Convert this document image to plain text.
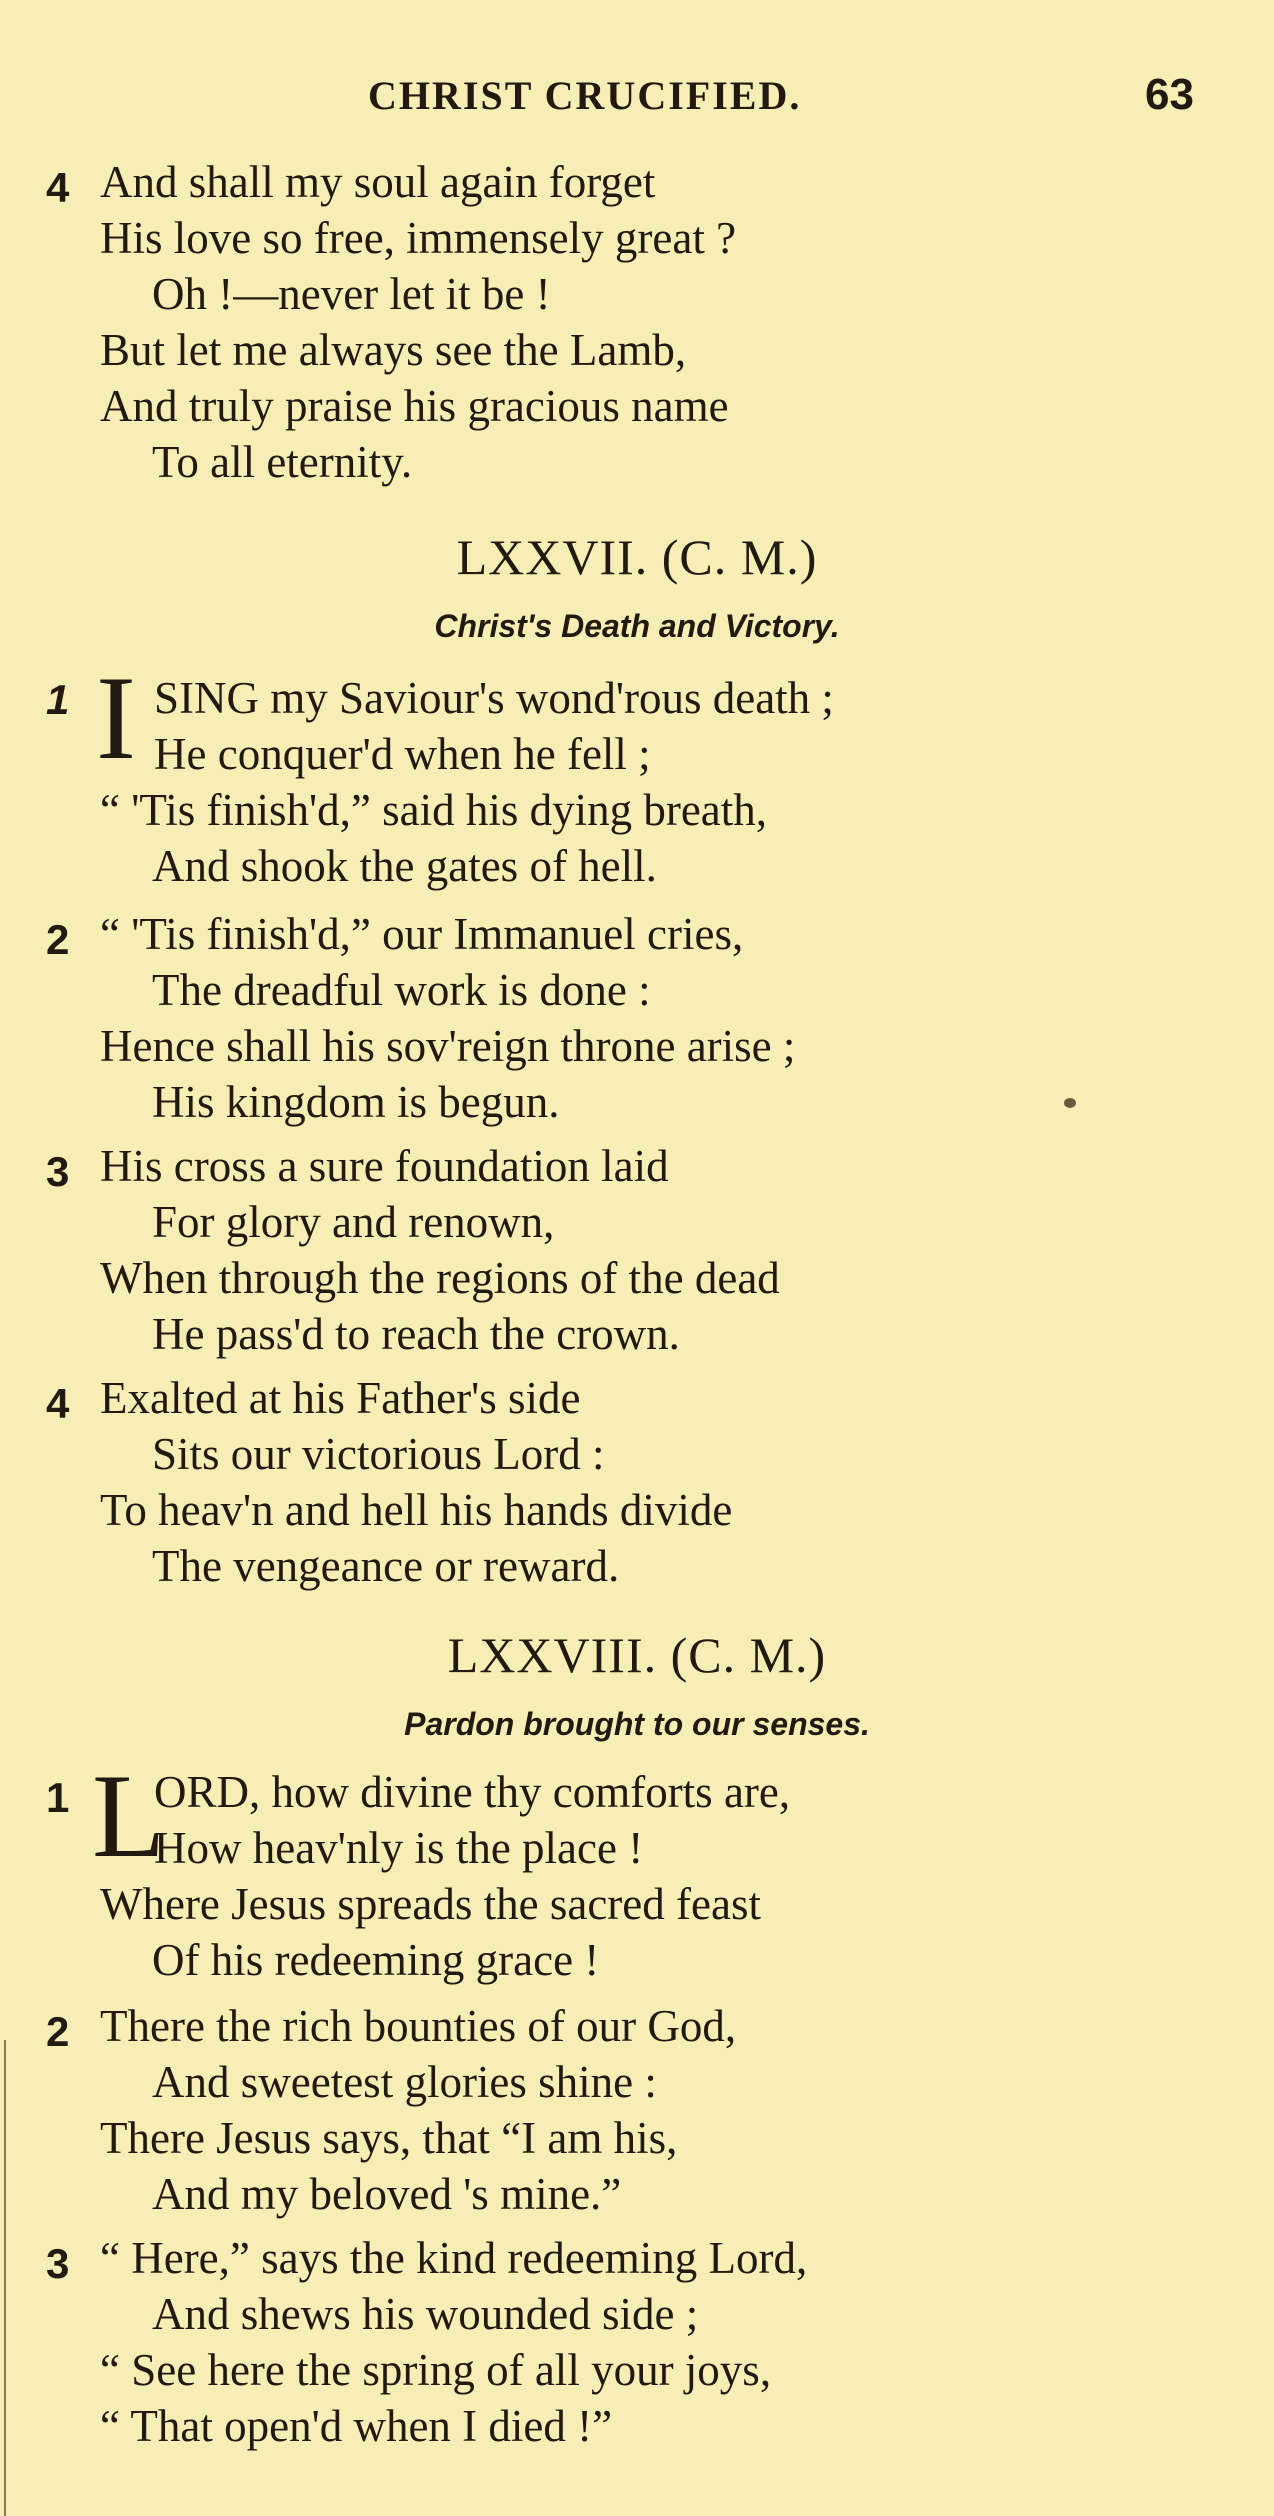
CHRIST CRUCIFIED.	63
4 And shall my soul again forget
His love so free, immensely great ?
Oh !—never let it be !
But let me always see the Lamb,
And truly praise his gracious name
To all eternity.
LXXVII. (C. M.)
Christ's Death and Victory.
1 I SING my Saviour's wond'rous death ;
He conquer'd when he fell ;
“ 'Tis finish'd,” said his dying breath,
And shook the gates of hell.
2 “ 'Tis finish'd,” our Immanuel cries,
The dreadful work is done :
Hence shall his sov'reign throne arise ;
His kingdom is begun.
3 His cross a sure foundation laid
For glory and renown,
When through the regions of the dead
He pass'd to reach the crown.
4 Exalted at his Father's side
Sits our victorious Lord :
To heav'n and hell his hands divide
The vengeance or reward.
LXXVIII. (C. M.)
Pardon brought to our senses.
1 L
ORD, how divine thy comforts are,
How heav'nly is the place !
Where Jesus spreads the sacred feast
Of his redeeming grace !
2 There the rich bounties of our God,
And sweetest glories shine :
There Jesus says, that “I am his,
And my beloved 's mine.”
3 “ Here,” says the kind redeeming Lord,
And shews his wounded side ;
“ See here the spring of all your joys,
“ That open'd when I died !”
